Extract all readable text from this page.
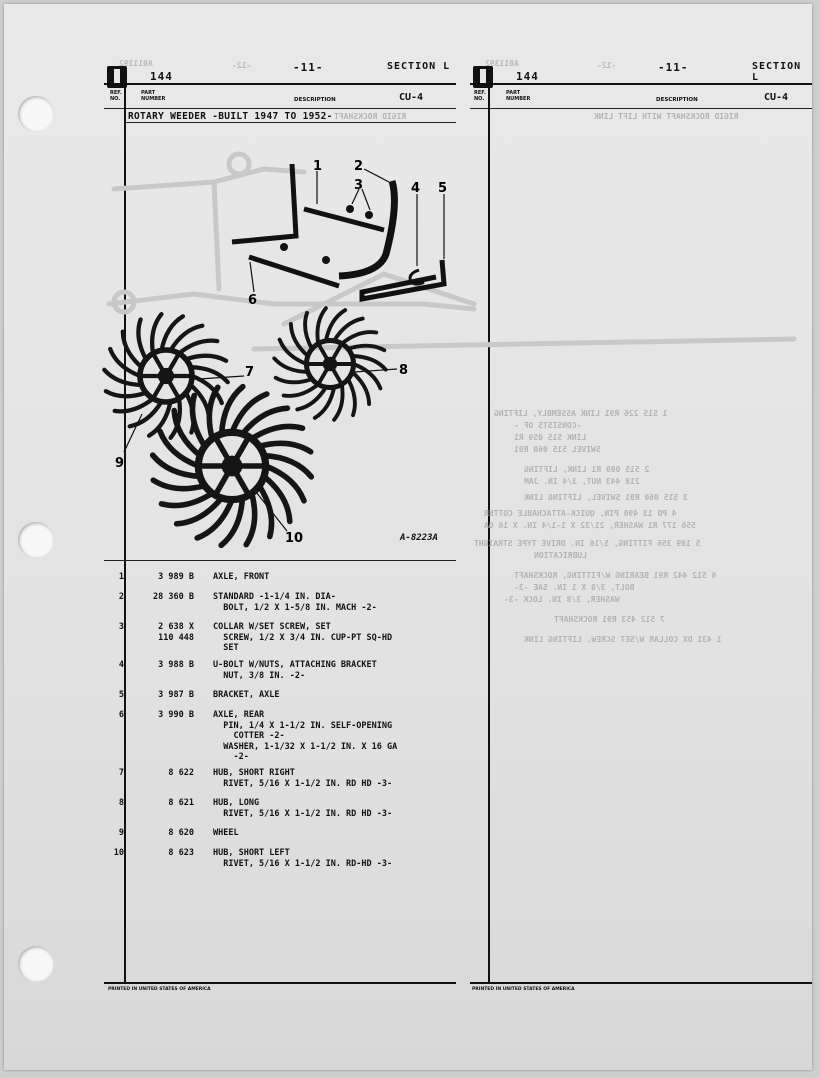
A011392
144
-12-	-11-	SECTION L
REF.
NO.
PART
NUMBER	DESCRIPTION	CU-4
ROTARY WEEDER -BUILT 1947 TO 1952- RIGID ROCKSHAFT
A011392
144
-12-	-11-	SECTION L
REF.
NO.
PART
NUMBER	DESCRIPTION	CU-4
RIGID ROCKSHAFT WITH LIFT LINK
1 2
3	4 5
6
7	8
9
10	A-8223A
1 515 226 R91 LINK ASSEMBLY, LIFTING
-CONSISTS OF -
LINK 515 059 R1
SWIVEL 515 060 R91
2 515 009 R1 LINK, LIFTING
218 443 NUT, 3/4 IN. JAM
3 515 060 R91 SWIVEL, LIFTING LINK
4 PD 13 490 PIN, QUICK-ATTACHABLE COTTER
556 177 R1 WASHER, 21/32 X 1-1/4 IN. X 16 GA
5 109 356 FITTING, 5/16 IN. DRIVE TYPE STRAIGHT
LUBRICATION
6 512 442 R91 BEARING W/FITTING, ROCKSHAFT
BOLT, 3/8 X 1 IN. SAE -3-
WASHER, 3/8 IN. LOCK -3-
7 512 453 R91 ROCKSHAFT
1 431 DX COLLAR W/SET SCREW, LIFTING LINK
1	3 989 B AXLE, FRONT
2	28 360 B STANDARD -1-1/4 IN. DIA-
BOLT, 1/2 X 1-5/8 IN. MACH -2-
3	2 638 X
110 448
COLLAR W/SET SCREW, SET
SCREW, 1/2 X 3/4 IN. CUP-PT SQ-HD
SET
4	3 988 B U-BOLT W/NUTS, ATTACHING BRACKET
NUT, 3/8 IN. -2-
5	3 987 B BRACKET, AXLE
6	3 990 B AXLE, REAR
PIN, 1/4 X 1-1/2 IN. SELF-OPENING
COTTER -2-
WASHER, 1-1/32 X 1-1/2 IN. X 16 GA
-2-
7	8 622 HUB, SHORT RIGHT
RIVET, 5/16 X 1-1/2 IN. RD HD -3-
8	8 621 HUB, LONG
RIVET, 5/16 X 1-1/2 IN. RD HD -3-
9	8 620 WHEEL
10	8 623 HUB, SHORT LEFT
RIVET, 5/16 X 1-1/2 IN. RD-HD -3-
PRINTED IN UNITED STATES OF AMERICA	PRINTED IN UNITED STATES OF AMERICA
